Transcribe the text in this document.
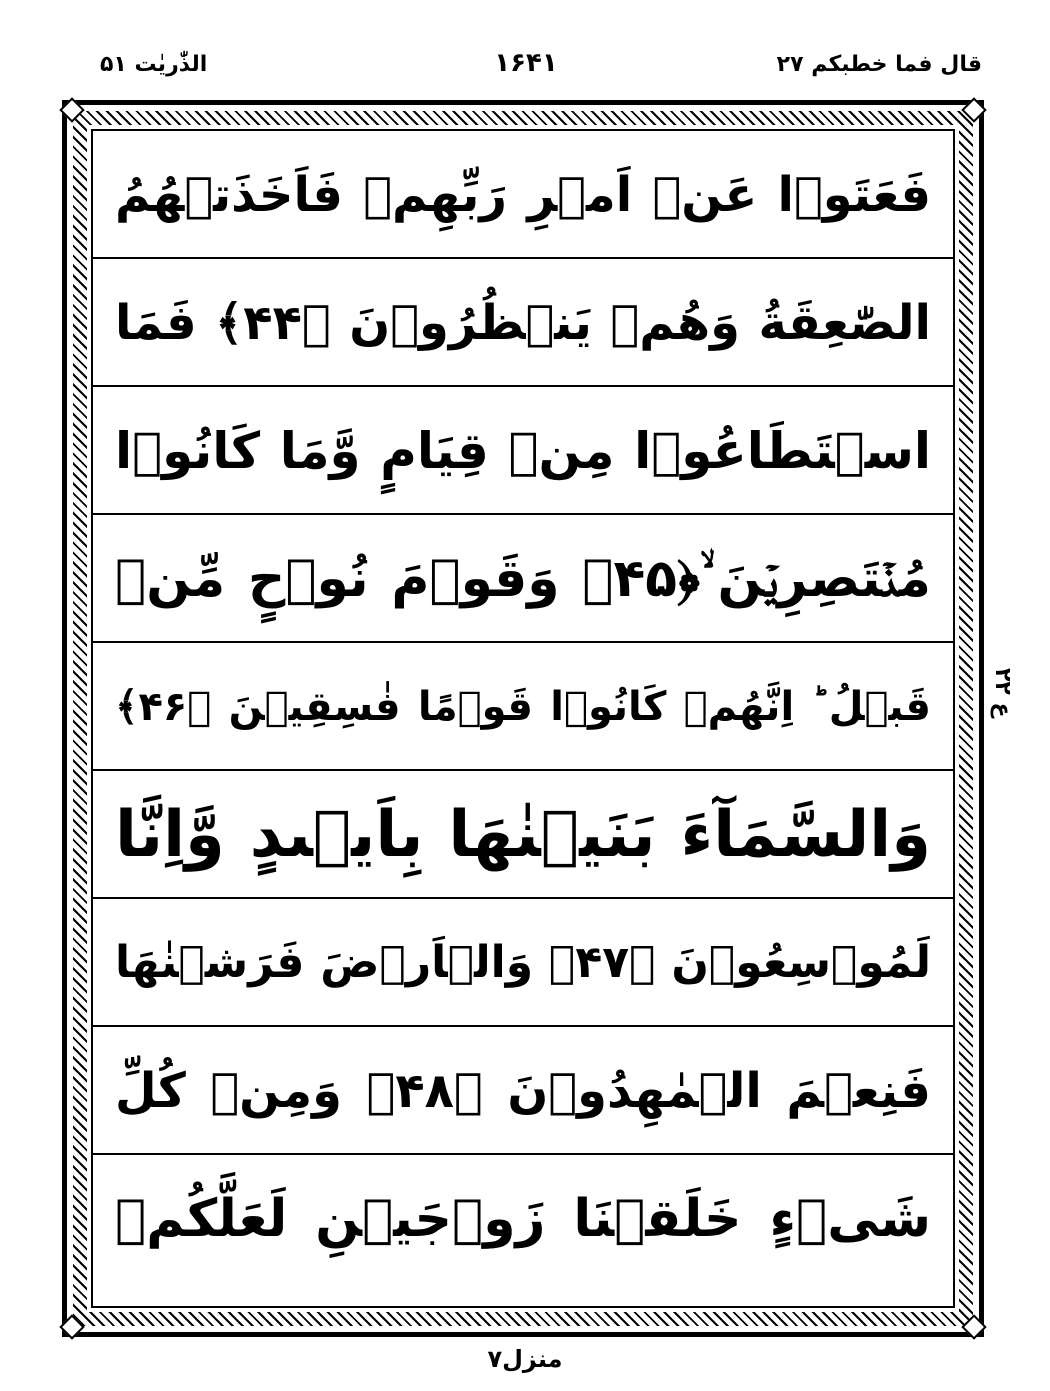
الذّٰریٰت ۵۱	۱۶۴۱	قال فما خطبکم ۲۷
فَعَتَوۡا عَنۡ اَمۡرِ رَبِّهِمۡ فَاَخَذَتۡهُمُ
الصّٰعِقَةُ وَهُمۡ يَنۡظُرُوۡنَ ﴿۴۴﴾ فَمَا
اسۡتَطَاعُوۡا مِنۡ قِيَامٍ وَّمَا كَانُوۡا
مُنۡتَصِرِيۡنَ ۙ﴿۴۵﴾ وَقَوۡمَ نُوۡحٍ مِّنۡ
قَبۡلُ ؕ اِنَّهُمۡ كَانُوۡا قَوۡمًا فٰسِقِيۡنَ ﴿۴۶﴾
وَالسَّمَآءَ بَنَيۡنٰهَا بِاَيۡىدٍ وَّاِنَّا
لَمُوۡسِعُوۡنَ ﴿۴۷﴾ وَالۡاَرۡضَ فَرَشۡنٰهَا
فَنِعۡمَ الۡمٰهِدُوۡنَ ﴿۴۸﴾ وَمِنۡ كُلِّ
شَىۡءٍ خَلَقۡنَا زَوۡجَيۡنِ لَعَلَّكُمۡ
ع ۲۲
منزل۷
